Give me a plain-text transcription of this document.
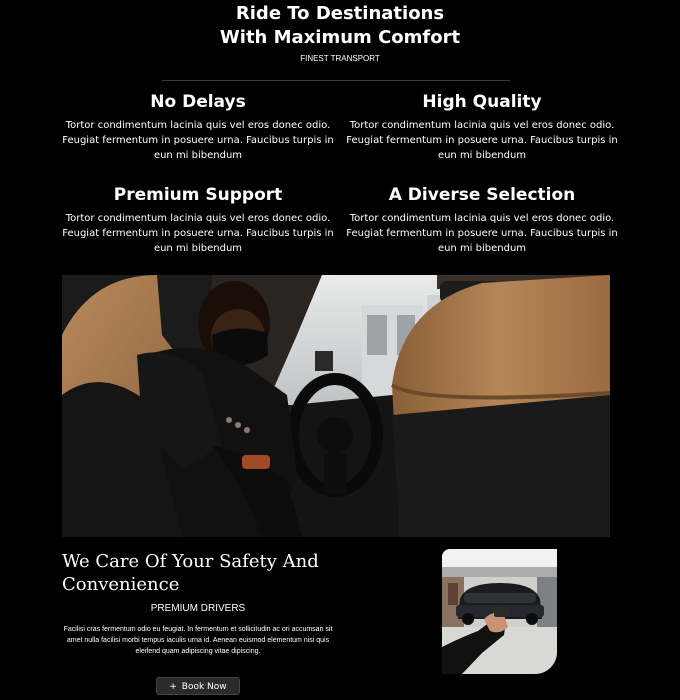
Ride To Destinations
With Maximum Comfort
FINEST TRANSPORT
No Delays
Tortor condimentum lacinia quis vel eros donec odio. Feugiat fermentum in posuere urna. Faucibus turpis in eun mi bibendum
High Quality
Tortor condimentum lacinia quis vel eros donec odio. Feugiat fermentum in posuere urna. Faucibus turpis in eun mi bibendum
Premium Support
Tortor condimentum lacinia quis vel eros donec odio. Feugiat fermentum in posuere urna. Faucibus turpis in eun mi bibendum
A Diverse Selection
Tortor condimentum lacinia quis vel eros donec odio. Feugiat fermentum in posuere urna. Faucibus turpis in eun mi bibendum
We Care Of Your Safety And
Convenience
PREMIUM DRIVERS
Facilisi cras fermentum odio eu feugiat. In fermentum et sollicitudin ac ori accumsan sit amet nulla facilisi morbi tempus iaculis urna id. Aenean euismod elementum nisi quis eleifend quam adipiscing vitae dipiscing.
+ Book Now
